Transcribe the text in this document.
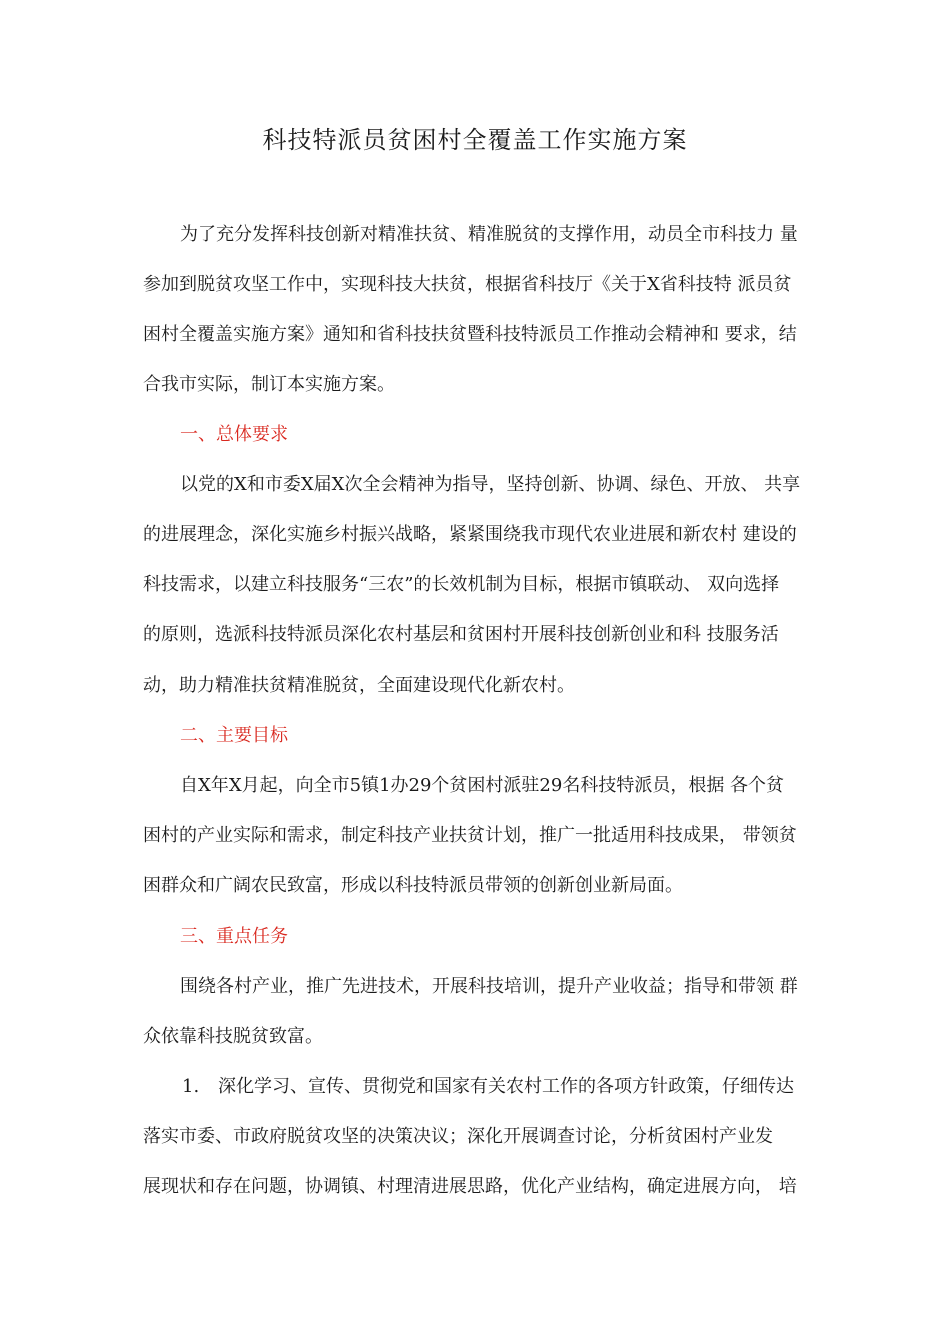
科技特派员贫困村全覆盖工作实施方案
为了充分发挥科技创新对精准扶贫、精准脱贫的支撑作用，动员全市科技力 量
参加到脱贫攻坚工作中，实现科技大扶贫，根据省科技厅《关于X省科技特 派员贫
困村全覆盖实施方案》通知和省科技扶贫暨科技特派员工作推动会精神和 要求，结
合我市实际，制订本实施方案。
一、总体要求
以党的X和市委X届X次全会精神为指导，坚持创新、协调、绿色、开放、 共享
的进展理念，深化实施乡村振兴战略，紧紧围绕我市现代农业进展和新农村 建设的
科技需求，以建立科技服务“三农”的长效机制为目标，根据市镇联动、 双向选择
的原则，选派科技特派员深化农村基层和贫困村开展科技创新创业和科 技服务活
动，助力精准扶贫精准脱贫，全面建设现代化新农村。
二、主要目标
自X年X月起，向全市5镇1办29个贫困村派驻29名科技特派员，根据 各个贫
困村的产业实际和需求，制定科技产业扶贫计划，推广一批适用科技成果， 带领贫
困群众和广阔农民致富，形成以科技特派员带领的创新创业新局面。
三、重点任务
围绕各村产业，推广先进技术，开展科技培训，提升产业收益；指导和带领 群
众依靠科技脱贫致富。
1. 深化学习、宣传、贯彻党和国家有关农村工作的各项方针政策，仔细传达
落实市委、市政府脱贫攻坚的决策决议；深化开展调查讨论，分析贫困村产业发
展现状和存在问题，协调镇、村理清进展思路，优化产业结构，确定进展方向， 培
